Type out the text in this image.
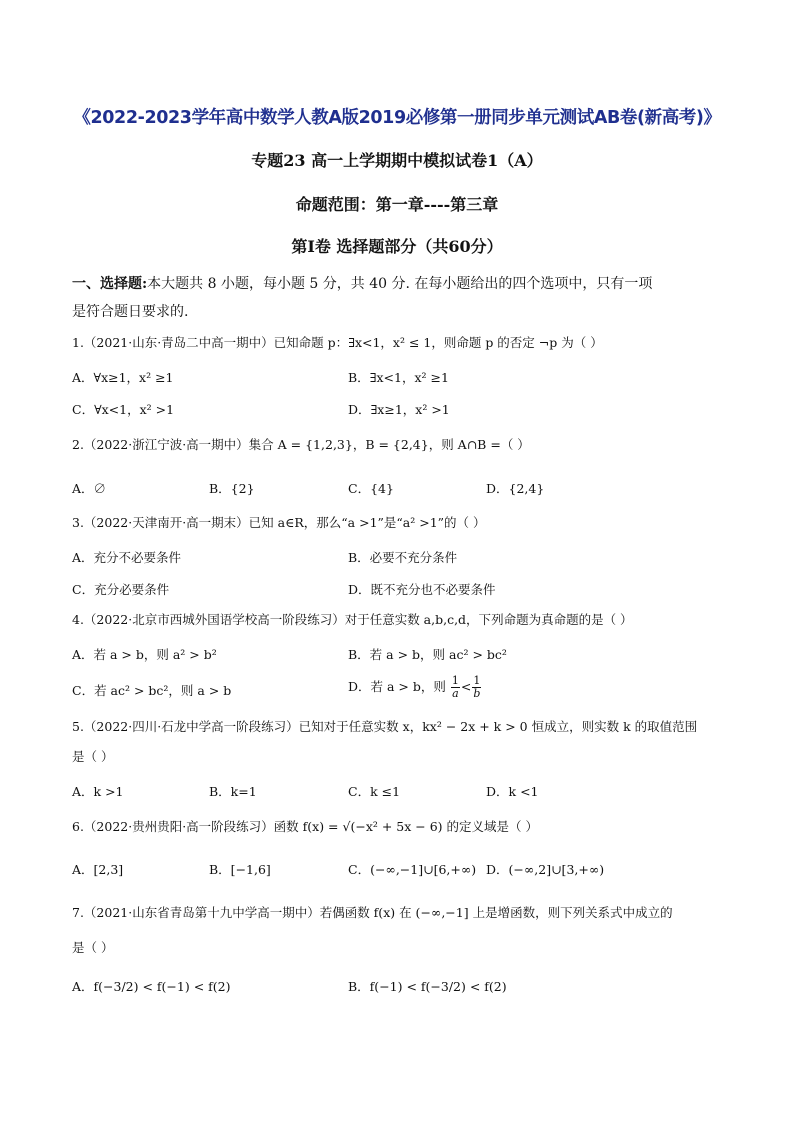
《2022-2023学年高中数学人教A版2019必修第一册同步单元测试AB卷(新高考)》
专题23 高一上学期期中模拟试卷1（A）
命题范围：第一章----第三章
第Ⅰ卷 选择题部分（共60分）
一、选择题:本大题共 8 小题，每小题 5 分，共 40 分. 在每小题给出的四个选项中，只有一项
是符合题日要求的.
1.（2021·山东·青岛二中高一期中）已知命题 p：∃x<1，x² ≤ 1，则命题 p 的否定 ¬p 为（ ）
A．∀x≥1，x² ≥1	B．∃x<1，x² ≥1
C．∀x<1，x² >1	D．∃x≥1，x² >1
2.（2022·浙江宁波·高一期中）集合 A = {1,2,3}，B = {2,4}，则 A∩B =（ ）
A．∅	B．{2}	C．{4}	D．{2,4}
3.（2022·天津南开·高一期末）已知 a∈R，那么“a >1”是“a² >1”的（ ）
A．充分不必要条件	B．必要不充分条件
C．充分必要条件	D．既不充分也不必要条件
4.（2022·北京市西城外国语学校高一阶段练习）对于任意实数 a,b,c,d，下列命题为真命题的是（ ）
A．若 a > b，则 a² > b²	B．若 a > b，则 ac² > bc²
C．若 ac² > bc²，则 a > b	D．若 a > b，则 $\frac{1}{a} < \frac{1}{b}$
5.（2022·四川·石龙中学高一阶段练习）已知对于任意实数 x，kx² − 2x + k > 0 恒成立，则实数 k 的取值范围
是（ ）
A．k >1	B．k=1	C．k ≤1	D．k <1
6.（2022·贵州贵阳·高一阶段练习）函数 f(x) = √(−x² + 5x − 6) 的定义域是（ ）
A．[2,3]	B．[−1,6]	C．(−∞,−1]∪[6,+∞) D．(−∞,2]∪[3,+∞)
7.（2021·山东省青岛第十九中学高一期中）若偶函数 f(x) 在 (−∞,−1] 上是增函数，则下列关系式中成立的
是（ ）
A．f(−3/2) < f(−1) < f(2)	B．f(−1) < f(−3/2) < f(2)
